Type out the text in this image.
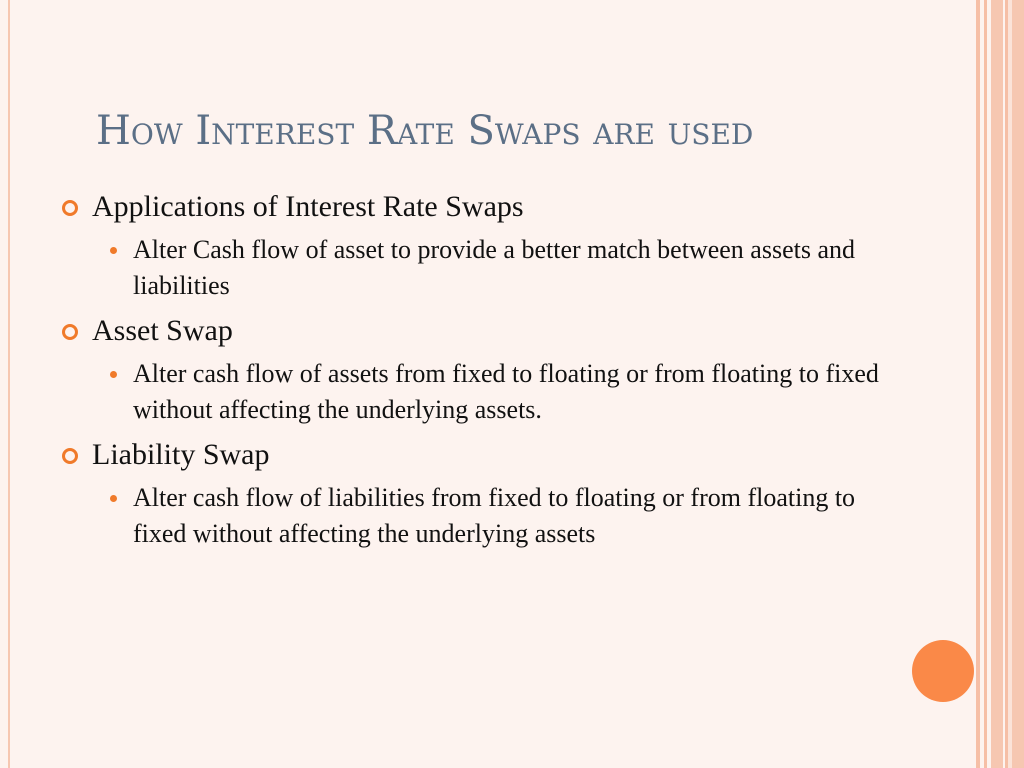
How Interest Rate Swaps are used

Applications of Interest Rate Swaps

Alter Cash flow of asset to provide a better match between assets and liabilities

Asset Swap

Alter cash flow of assets from fixed to floating or from floating to fixed without affecting the underlying assets.

Liability Swap

Alter cash flow of liabilities from fixed to floating or from floating to fixed without affecting the underlying assets
